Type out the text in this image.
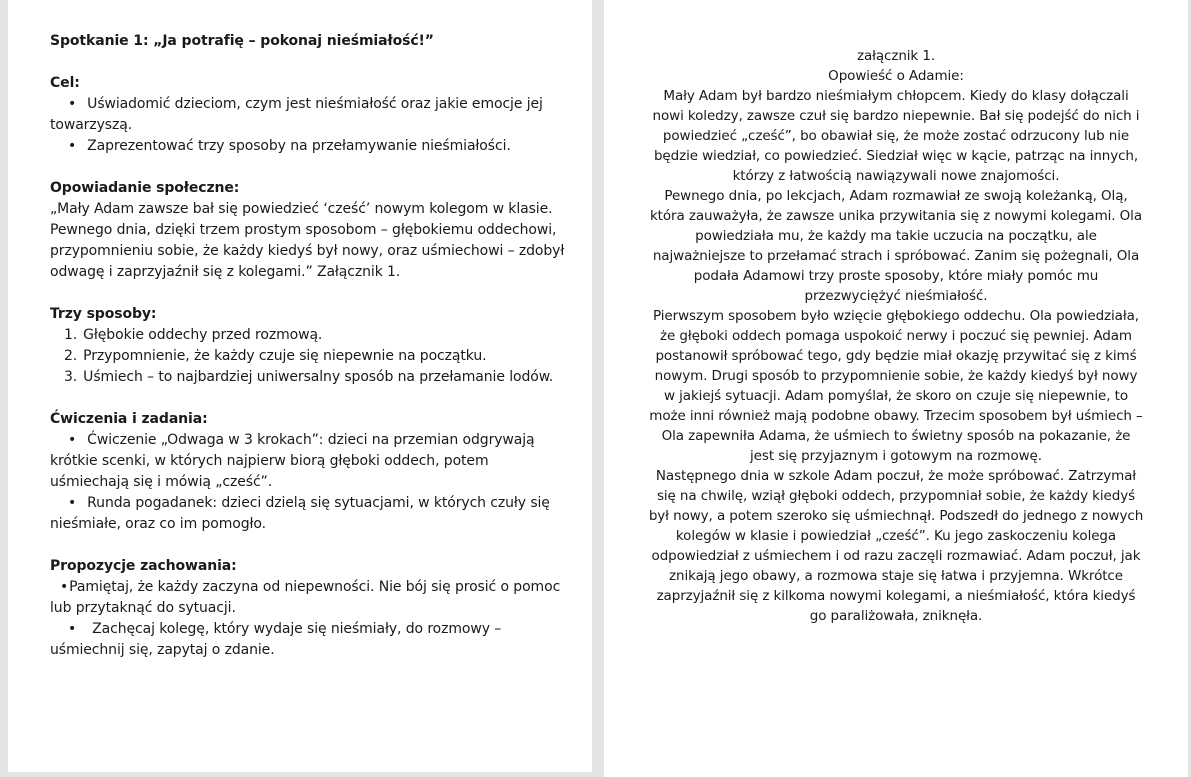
Spotkanie 1: „Ja potrafię – pokonaj nieśmiałość!”
Cel:

• Uświadomić dzieciom, czym jest nieśmiałość oraz jakie emocje jej towarzyszą.

• Zaprezentować trzy sposoby na przełamywanie nieśmiałości.

Opowiadanie społeczne:

„Mały Adam zawsze bał się powiedzieć ‘cześć’ nowym kolegom w klasie. Pewnego dnia, dzięki trzem prostym sposobom – głębokiemu oddechowi, przypomnieniu sobie, że każdy kiedyś był nowy, oraz uśmiechowi – zdobył odwagę i zaprzyjaźnił się z kolegami.” Załącznik 1.

Trzy sposoby:

1. Głębokie oddechy przed rozmową.

2. Przypomnienie, że każdy czuje się niepewnie na początku.

3. Uśmiech – to najbardziej uniwersalny sposób na przełamanie lodów.

Ćwiczenia i zadania:

• Ćwiczenie „Odwaga w 3 krokach”: dzieci na przemian odgrywają krótkie scenki, w których najpierw biorą głęboki oddech, potem uśmiechają się i mówią „cześć”.

• Runda pogadanek: dzieci dzielą się sytuacjami, w których czuły się nieśmiałe, oraz co im pomogło.

Propozycje zachowania:

• Pamiętaj, że każdy zaczyna od niepewności. Nie bój się prosić o pomoc lub przytaknąć do sytuacji.

• Zachęcaj kolegę, który wydaje się nieśmiały, do rozmowy – uśmiechnij się, zapytaj o zdanie.

załącznik 1.

Opowieść o Adamie:

Mały Adam był bardzo nieśmiałym chłopcem. Kiedy do klasy dołączali nowi koledzy, zawsze czuł się bardzo niepewnie. Bał się podejść do nich i powiedzieć „cześć”, bo obawiał się, że może zostać odrzucony lub nie będzie wiedział, co powiedzieć. Siedział więc w kącie, patrząc na innych, którzy z łatwością nawiązywali nowe znajomości.

Pewnego dnia, po lekcjach, Adam rozmawiał ze swoją koleżanką, Olą, która zauważyła, że zawsze unika przywitania się z nowymi kolegami. Ola powiedziała mu, że każdy ma takie uczucia na początku, ale najważniejsze to przełamać strach i spróbować. Zanim się pożegnali, Ola podała Adamowi trzy proste sposoby, które miały pomóc mu przezwyciężyć nieśmiałość.

Pierwszym sposobem było wzięcie głębokiego oddechu. Ola powiedziała, że głęboki oddech pomaga uspokoić nerwy i poczuć się pewniej. Adam postanowił spróbować tego, gdy będzie miał okazję przywitać się z kimś nowym. Drugi sposób to przypomnienie sobie, że każdy kiedyś był nowy w jakiejś sytuacji. Adam pomyślał, że skoro on czuje się niepewnie, to może inni również mają podobne obawy. Trzecim sposobem był uśmiech – Ola zapewniła Adama, że uśmiech to świetny sposób na pokazanie, że jest się przyjaznym i gotowym na rozmowę.

Następnego dnia w szkole Adam poczuł, że może spróbować. Zatrzymał się na chwilę, wziął głęboki oddech, przypomniał sobie, że każdy kiedyś był nowy, a potem szeroko się uśmiechnął. Podszedł do jednego z nowych kolegów w klasie i powiedział „cześć”. Ku jego zaskoczeniu kolega odpowiedział z uśmiechem i od razu zaczęli rozmawiać. Adam poczuł, jak znikają jego obawy, a rozmowa staje się łatwa i przyjemna. Wkrótce zaprzyjaźnił się z kilkoma nowymi kolegami, a nieśmiałość, która kiedyś go paraliżowała, zniknęła.
